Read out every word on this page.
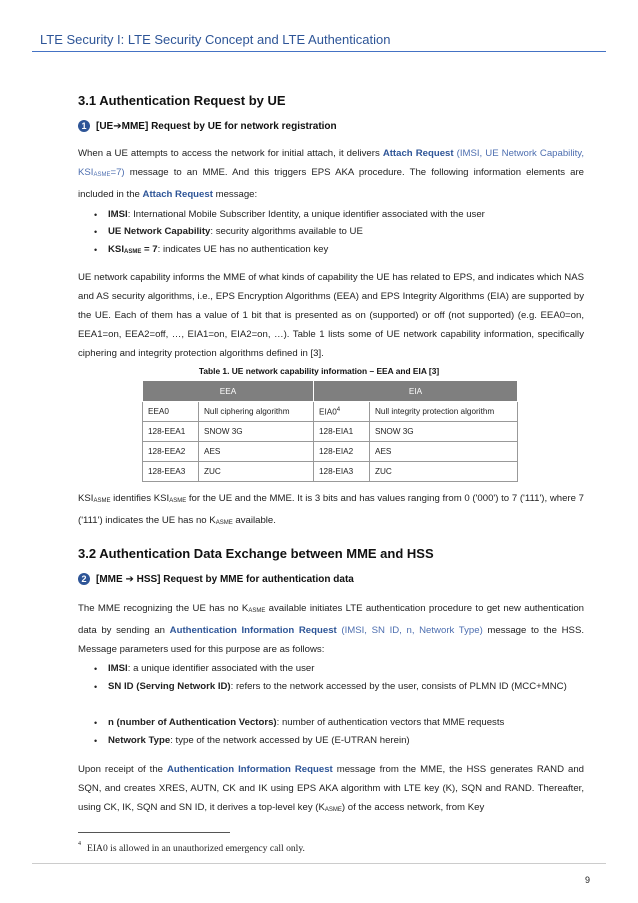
LTE Security I: LTE Security Concept and LTE Authentication
3.1 Authentication Request by UE
1 [UE ➔ MME] Request by UE for network registration
When a UE attempts to access the network for initial attach, it delivers Attach Request (IMSI, UE Network Capability, $KSI_{ASME}=7$) message to an MME. And this triggers EPS AKA procedure. The following information elements are included in the Attach Request message:
• IMSI: International Mobile Subscriber Identity, a unique identifier associated with the user
• UE Network Capability: security algorithms available to UE
• $KSI_{ASME} = 7$: indicates UE has no authentication key
UE network capability informs the MME of what kinds of capability the UE has related to EPS, and indicates which NAS and AS security algorithms, i.e., EPS Encryption Algorithms (EEA) and EPS Integrity Algorithms (EIA) are supported by the UE. Each of them has a value of 1 bit that is presented as on (supported) or off (not supported) (e.g. EEA0=on, EEA1=on, EEA2=off, …, EIA1=on, EIA2=on, …). Table 1 lists some of UE network capability information, specifically ciphering and integrity protection algorithms defined in [3].
Table 1. UE network capability information – EEA and EIA [3]
EEA		EIA	
EEA0	Null ciphering algorithm	$EIA0^4$	Null integrity protection algorithm
128-EEA1	SNOW 3G	128-EIA1	SNOW 3G
128-EEA2	AES	128-EIA2	AES
128-EEA3	ZUC	128-EIA3	ZUC
$KSI_{ASME}$ identifies $KSI_{ASME}$ for the UE and the MME. It is 3 bits and has values ranging from 0 ('000') to 7 ('111'), where 7 ('111') indicates the UE has no $K_{ASME}$ available.
3.2 Authentication Data Exchange between MME and HSS
2 [MME ➔ HSS] Request by MME for authentication data
The MME recognizing the UE has no $K_{ASME}$ available initiates LTE authentication procedure to get new authentication data by sending an Authentication Information Request (IMSI, SN ID, n, Network Type) message to the HSS. Message parameters used for this purpose are as follows:
• IMSI: a unique identifier associated with the user
• SN ID (Serving Network ID): refers to the network accessed by the user, consists of PLMN ID (MCC+MNC)
• n (number of Authentication Vectors): number of authentication vectors that MME requests
• Network Type: type of the network accessed by UE (E-UTRAN herein)
Upon receipt of the Authentication Information Request message from the MME, the HSS generates RAND and SQN, and creates XRES, AUTN, CK and IK using EPS AKA algorithm with LTE key (K), SQN and RAND. Thereafter, using CK, IK, SQN and SN ID, it derives a top-level key $(K_{ASME})$ of the access network, from Key
$^4$ EIA0 is allowed in an unauthorized emergency call only.
9
